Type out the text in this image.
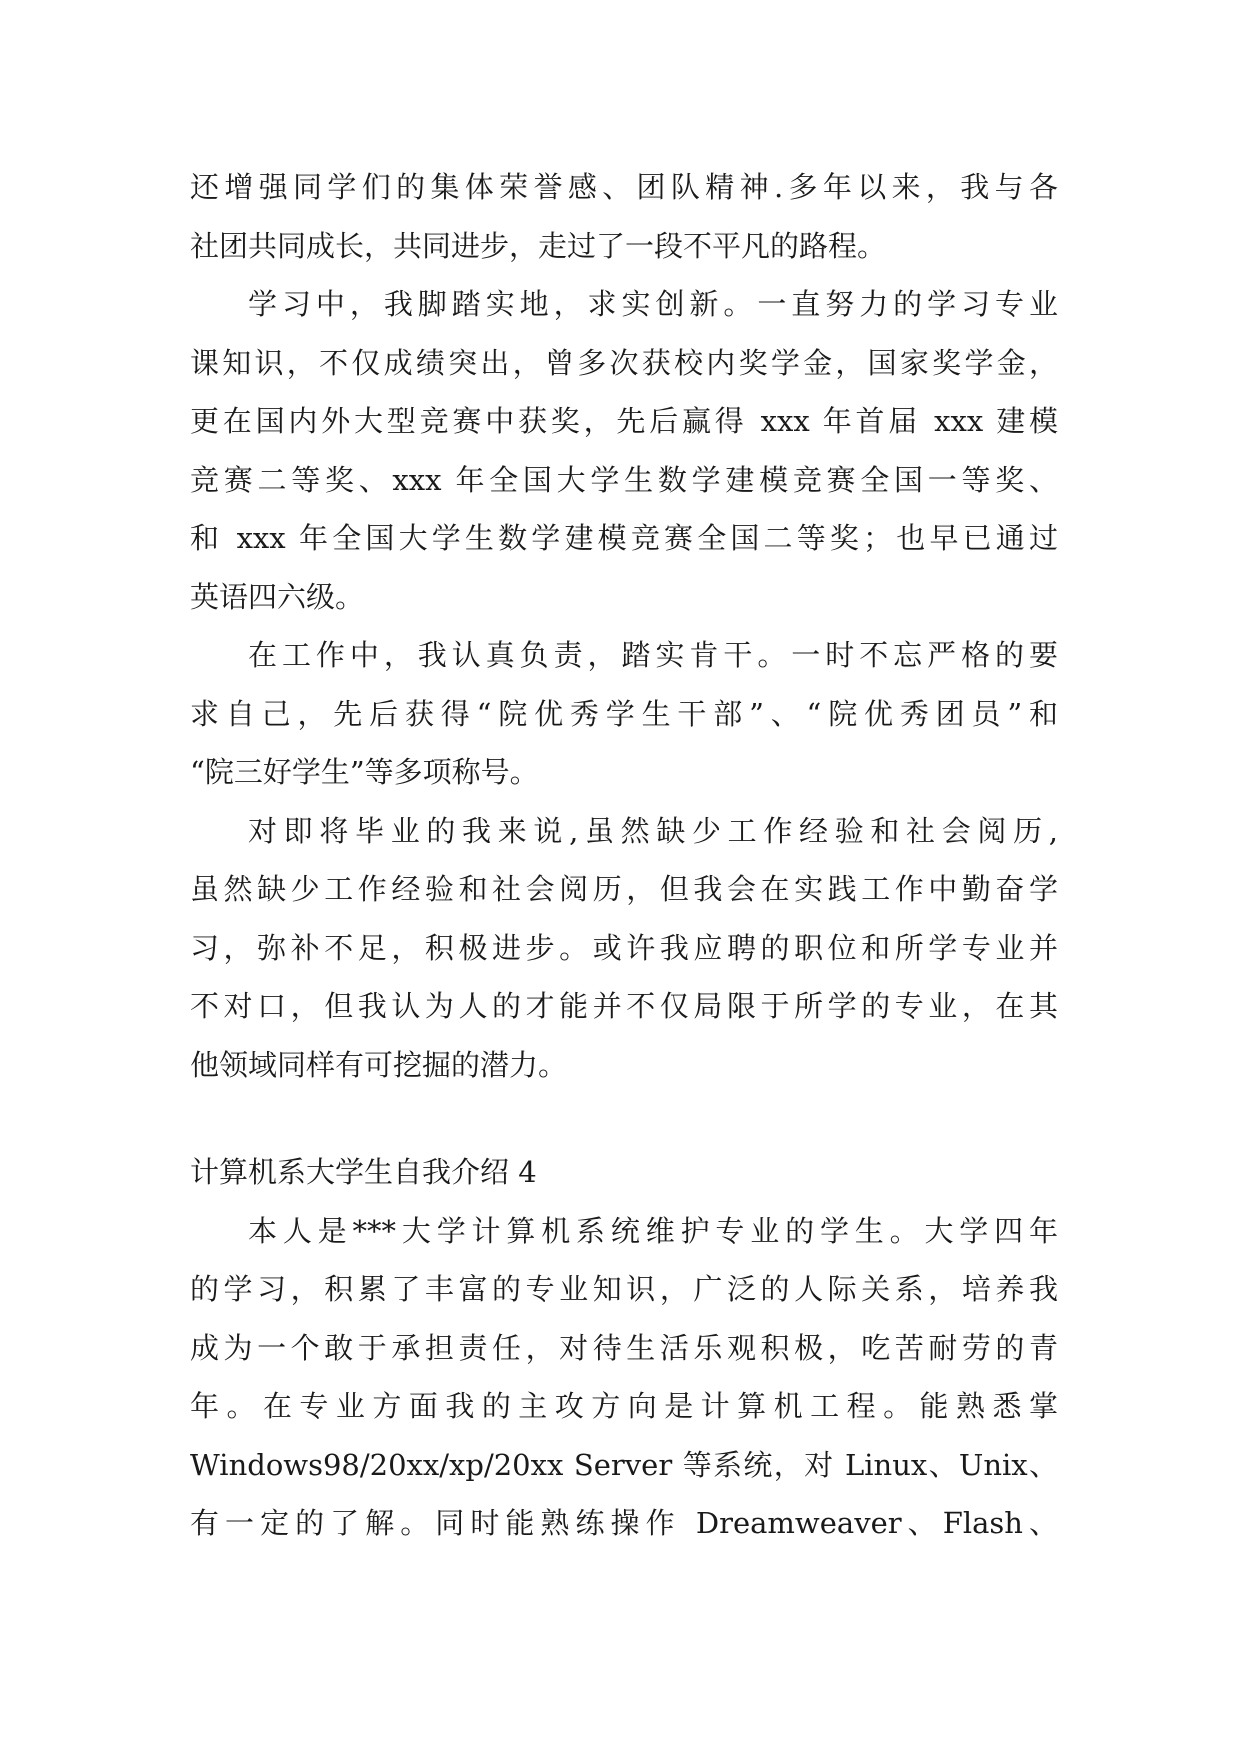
还增强同学们的集体荣誉感、团队精神.多年以来，我与各
社团共同成长，共同进步，走过了一段不平凡的路程。
学习中，我脚踏实地，求实创新。一直努力的学习专业
课知识，不仅成绩突出，曾多次获校内奖学金，国家奖学金，
更在国内外大型竞赛中获奖，先后赢得 xxx 年首届 xxx 建模
竞赛二等奖、xxx 年全国大学生数学建模竞赛全国一等奖、
和 xxx 年全国大学生数学建模竞赛全国二等奖；也早已通过
英语四六级。
在工作中，我认真负责，踏实肯干。一时不忘严格的要
求自己，先后获得“院优秀学生干部”、“院优秀团员”和
“院三好学生”等多项称号。
对即将毕业的我来说,虽然缺少工作经验和社会阅历,
虽然缺少工作经验和社会阅历，但我会在实践工作中勤奋学
习，弥补不足，积极进步。或许我应聘的职位和所学专业并
不对口，但我认为人的才能并不仅局限于所学的专业，在其
他领域同样有可挖掘的潜力。
计算机系大学生自我介绍 4
本人是***大学计算机系统维护专业的学生。大学四年
的学习，积累了丰富的专业知识，广泛的人际关系，培养我
成为一个敢于承担责任，对待生活乐观积极，吃苦耐劳的青
年。在专业方面我的主攻方向是计算机工程。能熟悉掌
Windows98/20xx/xp/20xx Server 等系统，对 Linux、Unix、
有一定的了解。同时能熟练操作 Dreamweaver、Flash、
